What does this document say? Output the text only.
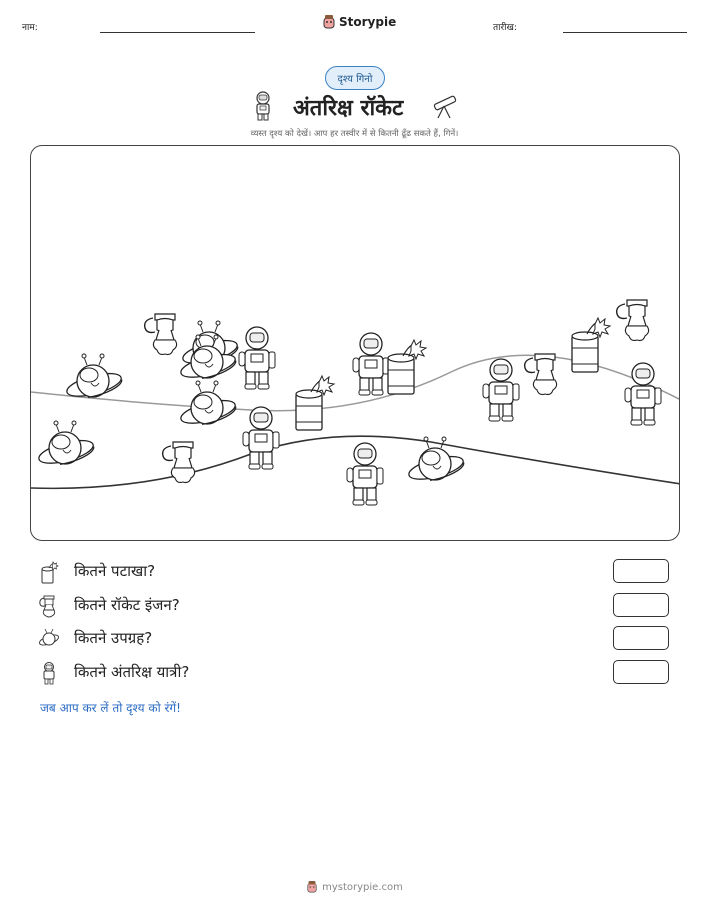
नाम:	Storypie	तारीख:
दृश्य गिनो
अंतरिक्ष रॉकेट
व्यस्त दृश्य को देखें। आप हर तस्वीर में से कितनी ढूँढ सकते हैं, गिनें।
कितने पटाखा?
कितने रॉकेट इंजन?
कितने उपग्रह?
कितने अंतरिक्ष यात्री?
जब आप कर लें तो दृश्य को रंगें!
mystorypie.com
